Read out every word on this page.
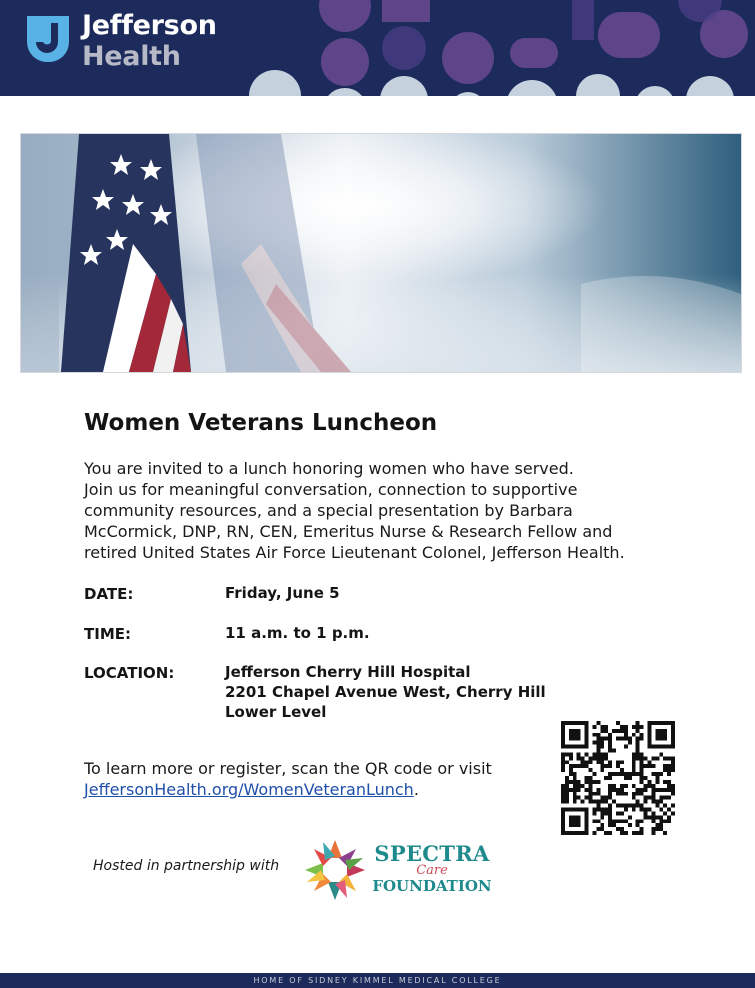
Jefferson
Health
Women Veterans Luncheon

You are invited to a lunch honoring women who have served.
Join us for meaningful conversation, connection to supportive
community resources, and a special presentation by Barbara
McCormick, DNP, RN, CEN, Emeritus Nurse & Research Fellow and
retired United States Air Force Lieutenant Colonel, Jefferson Health.

DATE:	Friday, June 5
TIME:	11 a.m. to 1 p.m.
LOCATION:	Jefferson Cherry Hill Hospital
2201 Chapel Avenue West, Cherry Hill
Lower Level
To learn more or register, scan the QR code or visit
JeffersonHealth.org/WomenVeteranLunch.
Hosted in partnership with	SPECTRA
Care
FOUNDATION
HOME OF SIDNEY KIMMEL MEDICAL COLLEGE
